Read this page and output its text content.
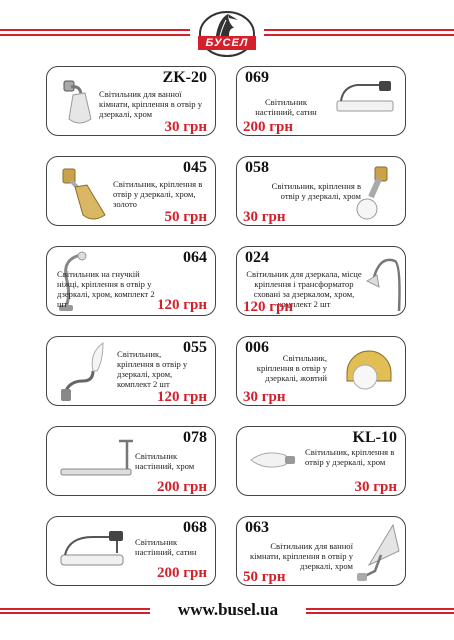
БУСЕЛ
ZK-20
Світильник для ванної кімнати, кріплення в отвір у дзеркалі, хром
30 грн
069
Світильник настінний, сатин
200 грн
045
Світильник, кріплення в отвір у дзеркалі, хром, золото
50 грн
058
Світильник, кріплення в отвір у дзеркалі, хром
30 грн
064
Світильник на гнучкій ніжці, кріплення в отвір у дзеркалі, хром, комплект 2 шт	120 грн
024
Світильник для дзеркала, місце кріплення і трансформатор сховані за дзеркалом, хром, комплект 2 шт
120 грн
055
Світильник, кріплення в отвір у дзеркалі, хром, комплект 2 шт
120 грн
006
Світильник, кріплення в отвір у дзеркалі, жовтий
30 грн
078
Світильник настінний, хром
200 грн
KL-10
Світильник, кріплення в отвір у дзеркалі, хром
30 грн
068
Світильник настінний, сатин
200 грн
063
Світильник для ванної кімнати, кріплення в отвір у дзеркалі, хром
50 грн
www.busel.ua
